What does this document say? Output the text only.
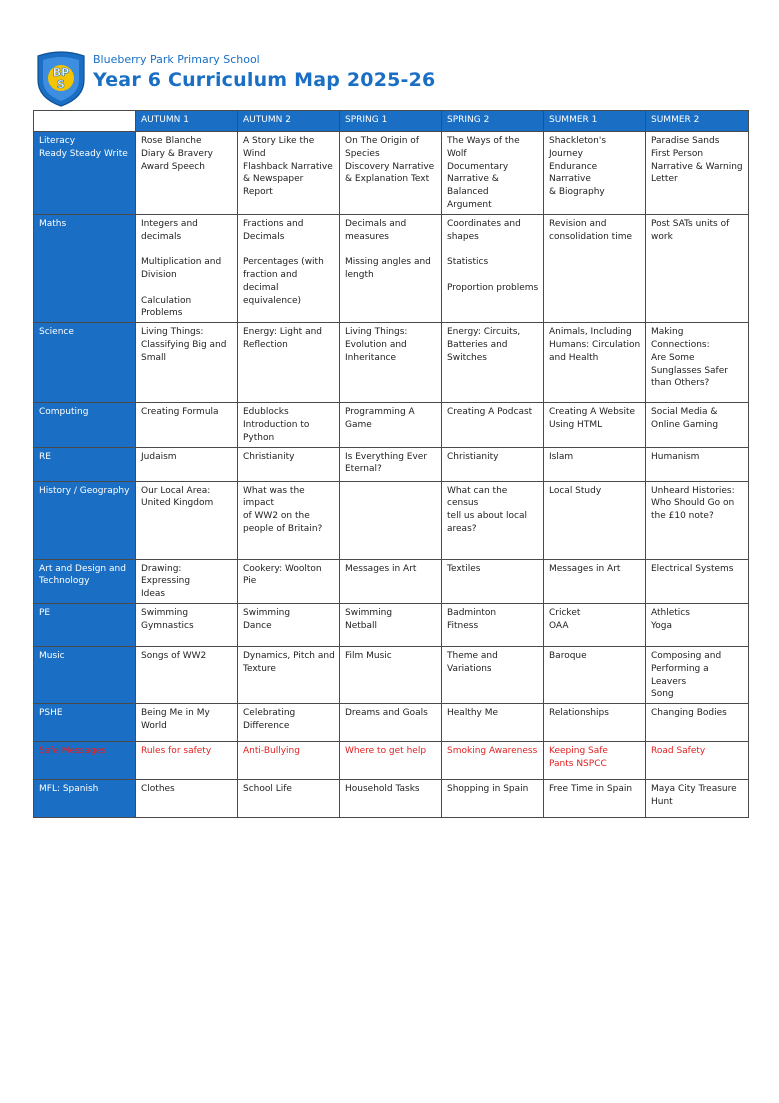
BP
S
Blueberry Park Primary School
Year 6 Curriculum Map 2025-26
	AUTUMN 1	AUTUMN 2	SPRING 1	SPRING 2	SUMMER 1	SUMMER 2
Literacy
Ready Steady Write	Rose Blanche
Diary & Bravery
Award Speech	A Story Like the
Wind
Flashback Narrative
& Newspaper Report	On The Origin of
Species
Discovery Narrative
& Explanation Text	The Ways of the
Wolf
Documentary
Narrative & Balanced
Argument	Shackleton's Journey
Endurance Narrative
& Biography	Paradise Sands
First Person
Narrative & Warning
Letter
Maths	Integers and
decimals

Multiplication and
Division

Calculation Problems	Fractions and
Decimals

Percentages (with
fraction and decimal
equivalence)	Decimals and
measures

Missing angles and
length	Coordinates and
shapes

Statistics

Proportion problems	Revision and
consolidation time	Post SATs units of
work
Science	Living Things:
Classifying Big and
Small	Energy: Light and
Reflection	Living Things:
Evolution and
Inheritance	Energy: Circuits,
Batteries and
Switches	Animals, Including
Humans: Circulation
and Health	Making Connections:
Are Some
Sunglasses Safer
than Others?
Computing	Creating Formula	Edublocks
Introduction to
Python	Programming A Game	Creating A Podcast	Creating A Website
Using HTML	Social Media &
Online Gaming
RE	Judaism	Christianity	Is Everything Ever
Eternal?	Christianity	Islam	Humanism
History / Geography	Our Local Area:
United Kingdom	What was the impact
of WW2 on the
people of Britain?		What can the census
tell us about local
areas?	Local Study	Unheard Histories:
Who Should Go on
the £10 note?
Art and Design and
Technology	Drawing: Expressing
Ideas	Cookery: Woolton Pie	Messages in Art	Textiles	Messages in Art	Electrical Systems
PE	Swimming
Gymnastics	Swimming
Dance	Swimming
Netball	Badminton
Fitness	Cricket
OAA	Athletics
Yoga
Music	Songs of WW2	Dynamics, Pitch and
Texture	Film Music	Theme and
Variations	Baroque	Composing and
Performing a Leavers
Song
PSHE	Being Me in My
World	Celebrating
Difference	Dreams and Goals	Healthy Me	Relationships	Changing Bodies
Safe Messages	Rules for safety	Anti-Bullying	Where to get help	Smoking Awareness	Keeping Safe
Pants NSPCC	Road Safety
MFL: Spanish	Clothes	School Life	Household Tasks	Shopping in Spain	Free Time in Spain	Maya City Treasure
Hunt
